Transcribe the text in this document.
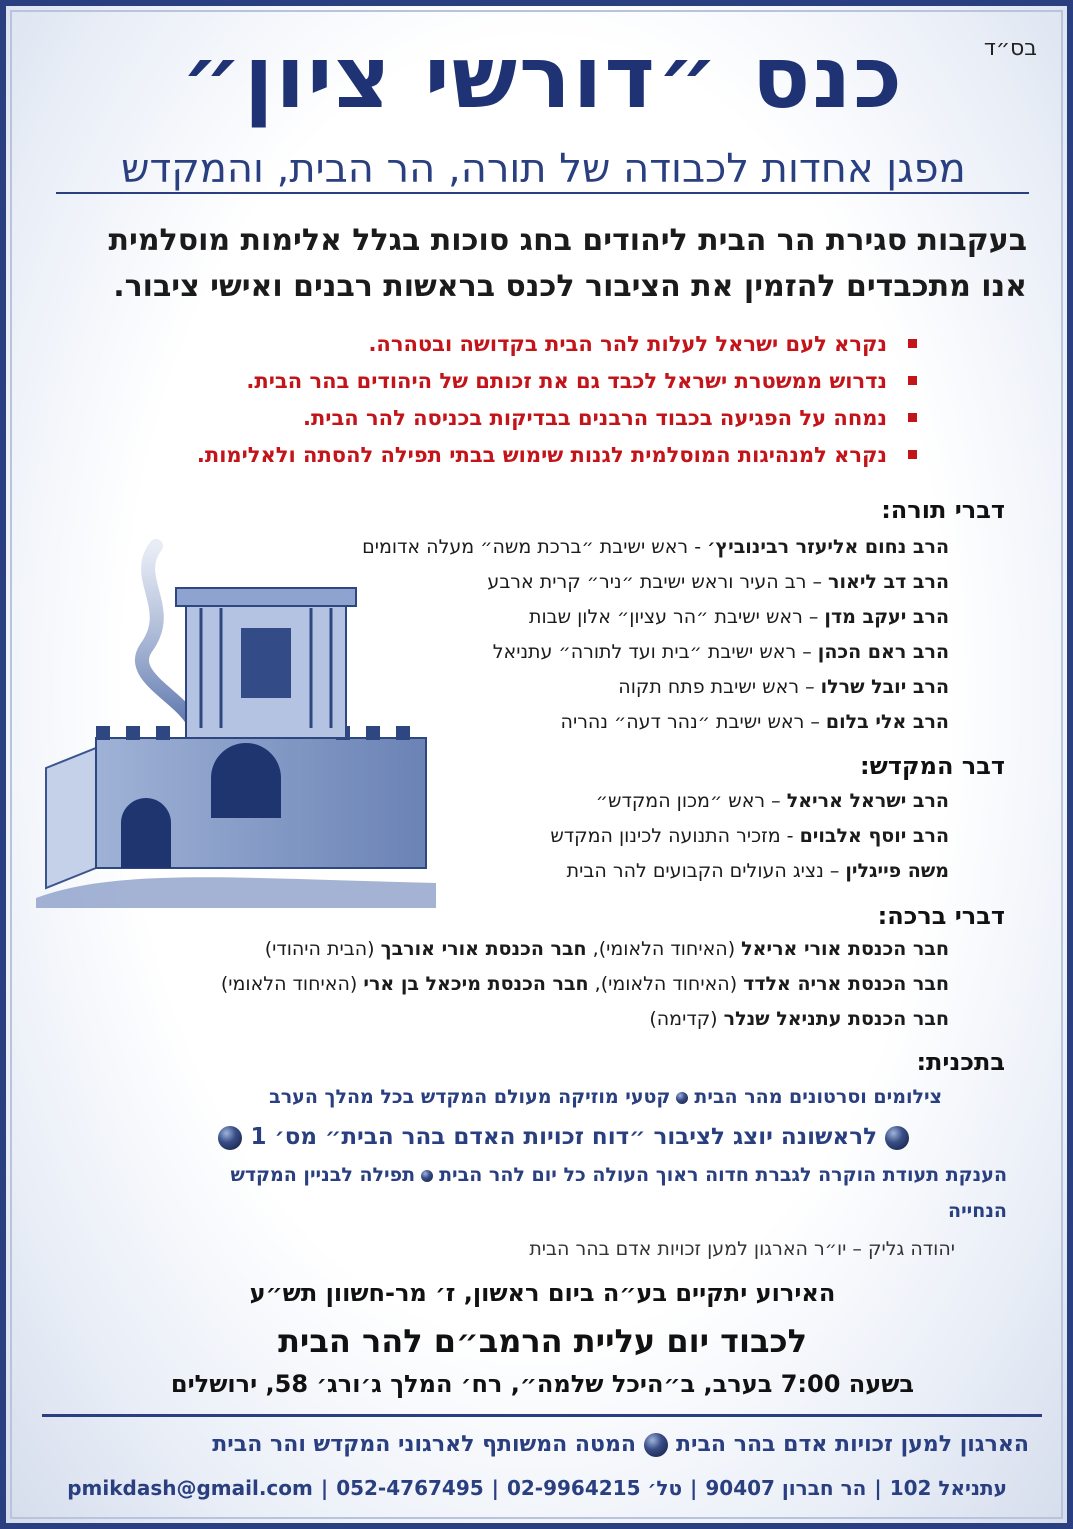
בס״ד
כנס ״דורשי ציון״
מפגן אחדות לכבודה של תורה, הר הבית, והמקדש
בעקבות סגירת הר הבית ליהודים בחג סוכות בגלל אלימות מוסלמית
אנו מתכבדים להזמין את הציבור לכנס בראשות רבנים ואישי ציבור.
נקרא לעם ישראל לעלות להר הבית בקדושה ובטהרה.
נדרוש ממשטרת ישראל לכבד גם את זכותם של היהודים בהר הבית.
נמחה על הפגיעה בכבוד הרבנים בבדיקות בכניסה להר הבית.
נקרא למנהיגות המוסלמית לגנות שימוש בבתי תפילה להסתה ולאלימות.
דברי תורה:
הרב נחום אליעזר רבינוביץ׳ - ראש ישיבת ״ברכת משה״ מעלה אדומים
הרב דב ליאור – רב העיר וראש ישיבת ״ניר״ קרית ארבע
הרב יעקב מדן – ראש ישיבת ״הר עציון״ אלון שבות
הרב ראם הכהן – ראש ישיבת ״בית ועד לתורה״ עתניאל
הרב יובל שרלו – ראש ישיבת פתח תקוה
הרב אלי בלום – ראש ישיבת ״נהר דעה״ נהריה
דבר המקדש:
הרב ישראל אריאל – ראש ״מכון המקדש״
הרב יוסף אלבוים - מזכיר התנועה לכינון המקדש
משה פייגלין – נציג העולים הקבועים להר הבית
דברי ברכה:
חבר הכנסת אורי אריאל (האיחוד הלאומי), חבר הכנסת אורי אורבך (הבית היהודי)
חבר הכנסת אריה אלדד (האיחוד הלאומי), חבר הכנסת מיכאל בן ארי (האיחוד הלאומי)
חבר הכנסת עתניאל שנלר (קדימה)
בתכנית:
צילומים וסרטונים מהר הביתקטעי מוזיקה מעולם המקדש בכל מהלך הערב
לראשונה יוצג לציבור ״דוח זכויות האדם בהר הבית״ מס׳ 1
הענקת תעודת הוקרה לגברת חדוה ראוך העולה כל יום להר הביתתפילה לבניין המקדש
הנחייה
יהודה גליק – יו״ר הארגון למען זכויות אדם בהר הבית
האירוע יתקיים בע״ה ביום ראשון, ז׳ מר-חשוון תש״ע
לכבוד יום עליית הרמב״ם להר הבית
בשעה 7:00 בערב, ב״היכל שלמה״, רח׳ המלך ג׳ורג׳ 58, ירושלים
הארגון למען זכויות אדם בהר הביתהמטה המשותף לארגוני המקדש והר הבית
עתניאל 102|הר חברון 90407|טל׳ 02-9964215|052-4767495|pmikdash@gmail.com
